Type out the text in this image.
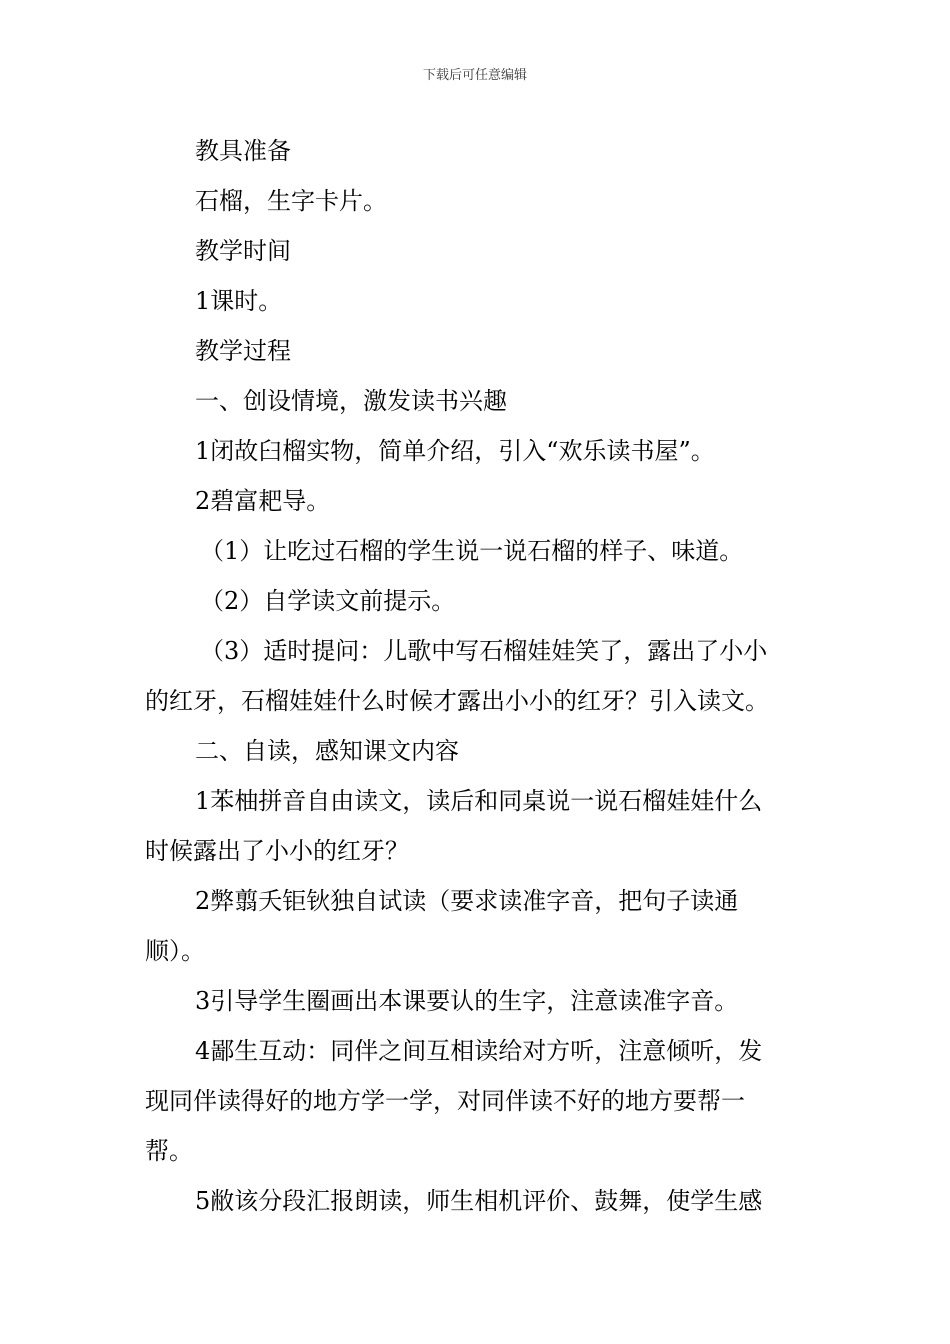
下载后可任意编辑
教具准备
石榴，生字卡片。
教学时间
1课时。
教学过程
一、创设情境，激发读书兴趣
1闭故臼榴实物，简单介绍，引入“欢乐读书屋”。
2碧富耙导。
（1）让吃过石榴的学生说一说石榴的样子、味道。
（2）自学读文前提示。
（3）适时提问：儿歌中写石榴娃娃笑了，露出了小小
的红牙，石榴娃娃什么时候才露出小小的红牙？引入读文。
二、自读，感知课文内容
1苯柚拼音自由读文，读后和同桌说一说石榴娃娃什么
时候露出了小小的红牙？
2弊翦夭钜钬独自试读（要求读准字音，把句子读通
顺）。
3引导学生圈画出本课要认的生字，注意读准字音。
4鄙生互动：同伴之间互相读给对方听，注意倾听，发
现同伴读得好的地方学一学，对同伴读不好的地方要帮一
帮。
5敝该分段汇报朗读，师生相机评价、鼓舞，使学生感
